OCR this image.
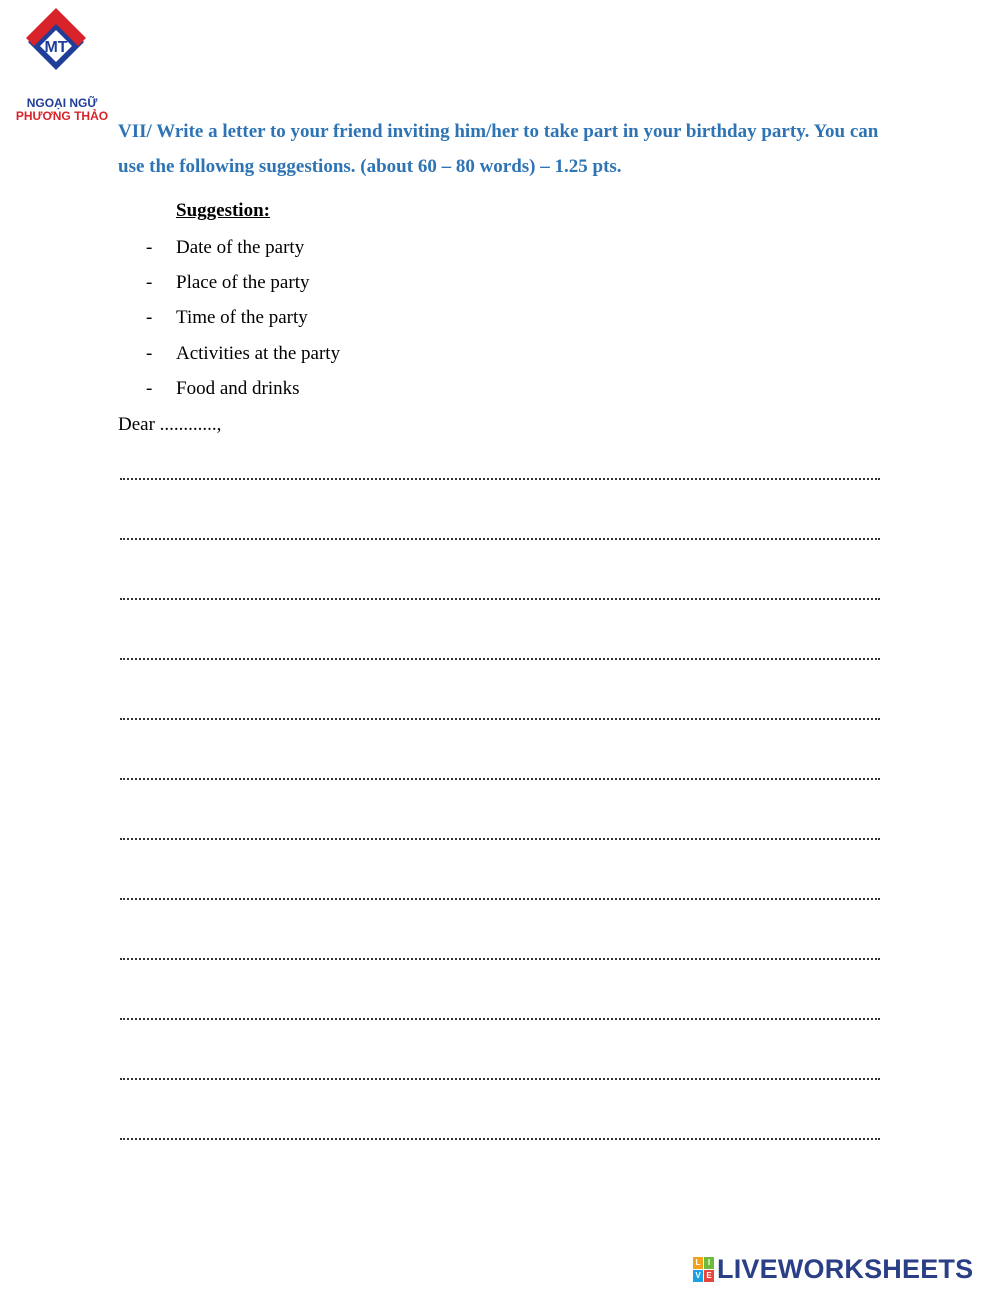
MT
NGOẠI NGỮ
PHƯƠNG THẢO

VII/ Write a letter to your friend inviting him/her to take part in your birthday party. You can use the following suggestions. (about 60 – 80 words) – 1.25 pts.

Suggestion:

- Date of the party
- Place of the party
- Time of the party
- Activities at the party
- Food and drinks

Dear ............,

L I
V E LIVEWORKSHEETS
